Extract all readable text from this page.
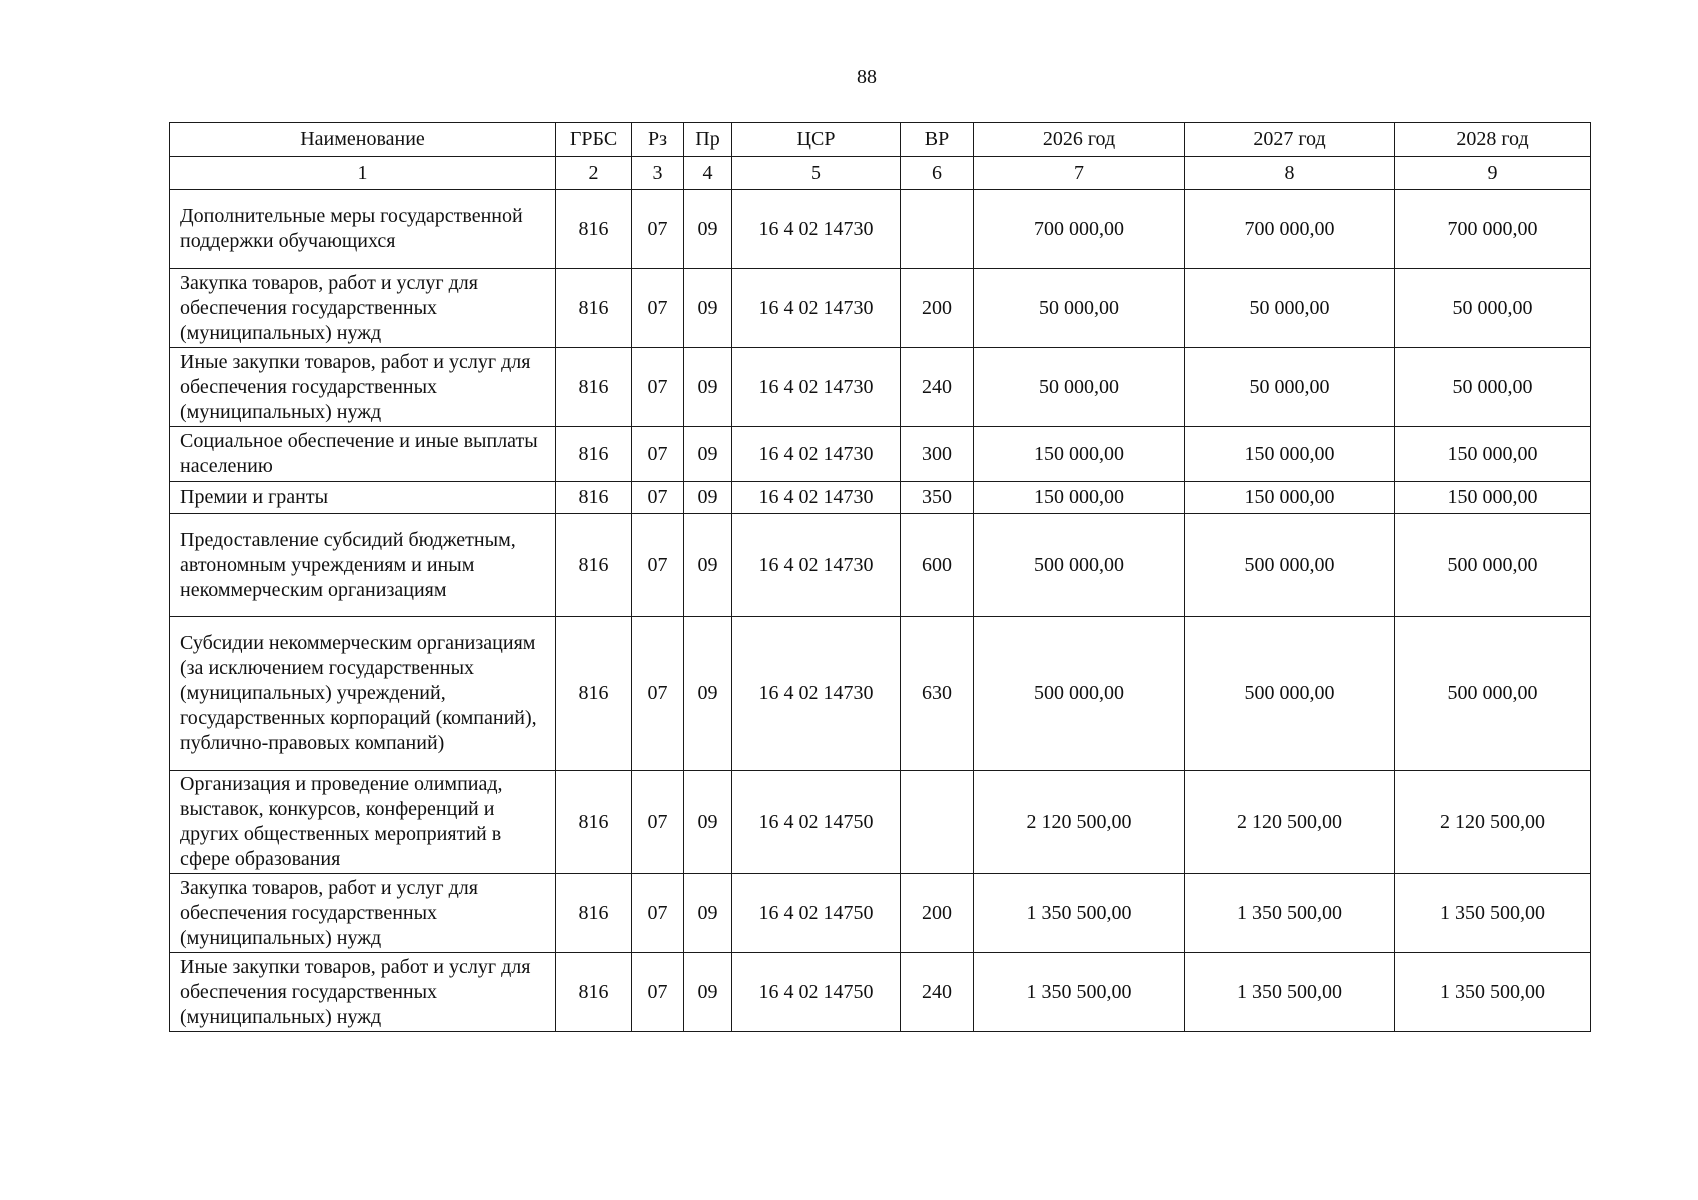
88
Наименование	ГРБС	Рз	Пр	ЦСР	ВР	2026 год	2027 год	2028 год
1	2	3	4	5	6	7	8	9
Дополнительные меры государственной поддержки обучающихся	816	07	09	16 4 02 14730		700 000,00	700 000,00	700 000,00
Закупка товаров, работ и услуг для обеспечения государственных (муниципальных) нужд	816	07	09	16 4 02 14730	200	50 000,00	50 000,00	50 000,00
Иные закупки товаров, работ и услуг для обеспечения государственных (муниципальных) нужд	816	07	09	16 4 02 14730	240	50 000,00	50 000,00	50 000,00
Социальное обеспечение и иные выплаты населению	816	07	09	16 4 02 14730	300	150 000,00	150 000,00	150 000,00
Премии и гранты	816	07	09	16 4 02 14730	350	150 000,00	150 000,00	150 000,00
Предоставление субсидий бюджетным, автономным учреждениям и иным некоммерческим организациям	816	07	09	16 4 02 14730	600	500 000,00	500 000,00	500 000,00
Субсидии некоммерческим организациям (за исключением государственных (муниципальных) учреждений, государственных корпораций (компаний), публично-правовых компаний)	816	07	09	16 4 02 14730	630	500 000,00	500 000,00	500 000,00
Организация и проведение олимпиад, выставок, конкурсов, конференций и других общественных мероприятий в сфере образования	816	07	09	16 4 02 14750		2 120 500,00	2 120 500,00	2 120 500,00
Закупка товаров, работ и услуг для обеспечения государственных (муниципальных) нужд	816	07	09	16 4 02 14750	200	1 350 500,00	1 350 500,00	1 350 500,00
Иные закупки товаров, работ и услуг для обеспечения государственных (муниципальных) нужд	816	07	09	16 4 02 14750	240	1 350 500,00	1 350 500,00	1 350 500,00
